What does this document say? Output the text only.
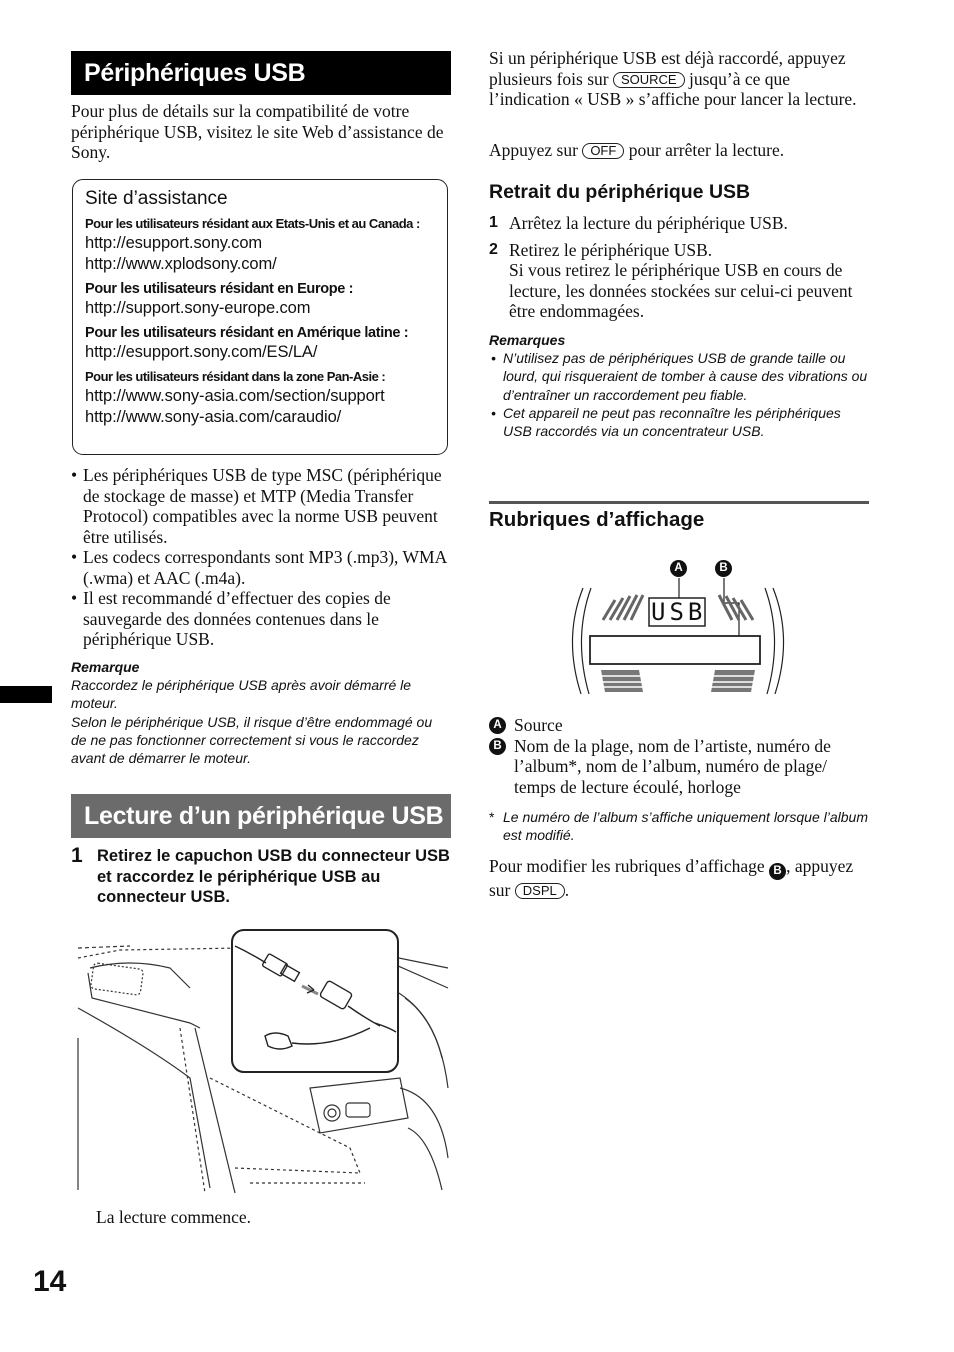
Périphériques USB
Pour plus de détails sur la compatibilité de votre périphérique USB, visitez le site Web d’assistance de Sony.
Site d’assistance
Pour les utilisateurs résidant aux Etats-Unis et au Canada :
http://esupport.sony.com
http://www.xplodsony.com/
Pour les utilisateurs résidant en Europe :
http://support.sony-europe.com
Pour les utilisateurs résidant en Amérique latine :
http://esupport.sony.com/ES/LA/
Pour les utilisateurs résidant dans la zone Pan-Asie :
http://www.sony-asia.com/section/support
http://www.sony-asia.com/caraudio/
• Les périphériques USB de type MSC (périphérique de stockage de masse) et MTP (Media Transfer Protocol) compatibles avec la norme USB peuvent être utilisés.
• Les codecs correspondants sont MP3 (.mp3), WMA (.wma) et AAC (.m4a).
• Il est recommandé d’effectuer des copies de sauvegarde des données contenues dans le périphérique USB.
Remarque
Raccordez le périphérique USB après avoir démarré le moteur.
Selon le périphérique USB, il risque d’être endommagé ou de ne pas fonctionner correctement si vous le raccordez avant de démarrer le moteur.
Lecture d’un périphérique USB
1 Retirez le capuchon USB du connecteur USB et raccordez le périphérique USB au connecteur USB.
La lecture commence.
14
Si un périphérique USB est déjà raccordé, appuyez plusieurs fois sur SOURCE jusqu’à ce que l’indication « USB » s’affiche pour lancer la lecture.
Appuyez sur OFF pour arrêter la lecture.
Retrait du périphérique USB
1 Arrêtez la lecture du périphérique USB.
2 Retirez le périphérique USB.
Si vous retirez le périphérique USB en cours de lecture, les données stockées sur celui-ci peuvent être endommagées.
Remarques
• N’utilisez pas de périphériques USB de grande taille ou lourd, qui risqueraient de tomber à cause des vibrations ou d’entraîner un raccordement peu fiable.
• Cet appareil ne peut pas reconnaître les périphériques USB raccordés via un concentrateur USB.
Rubriques d’affichage
A	B
USB
A Source
B Nom de la plage, nom de l’artiste, numéro de l’album*, nom de l’album, numéro de plage/ temps de lecture écoulé, horloge
* Le numéro de l’album s’affiche uniquement lorsque l’album est modifié.
Pour modifier les rubriques d’affichage B , appuyez sur DSPL .
